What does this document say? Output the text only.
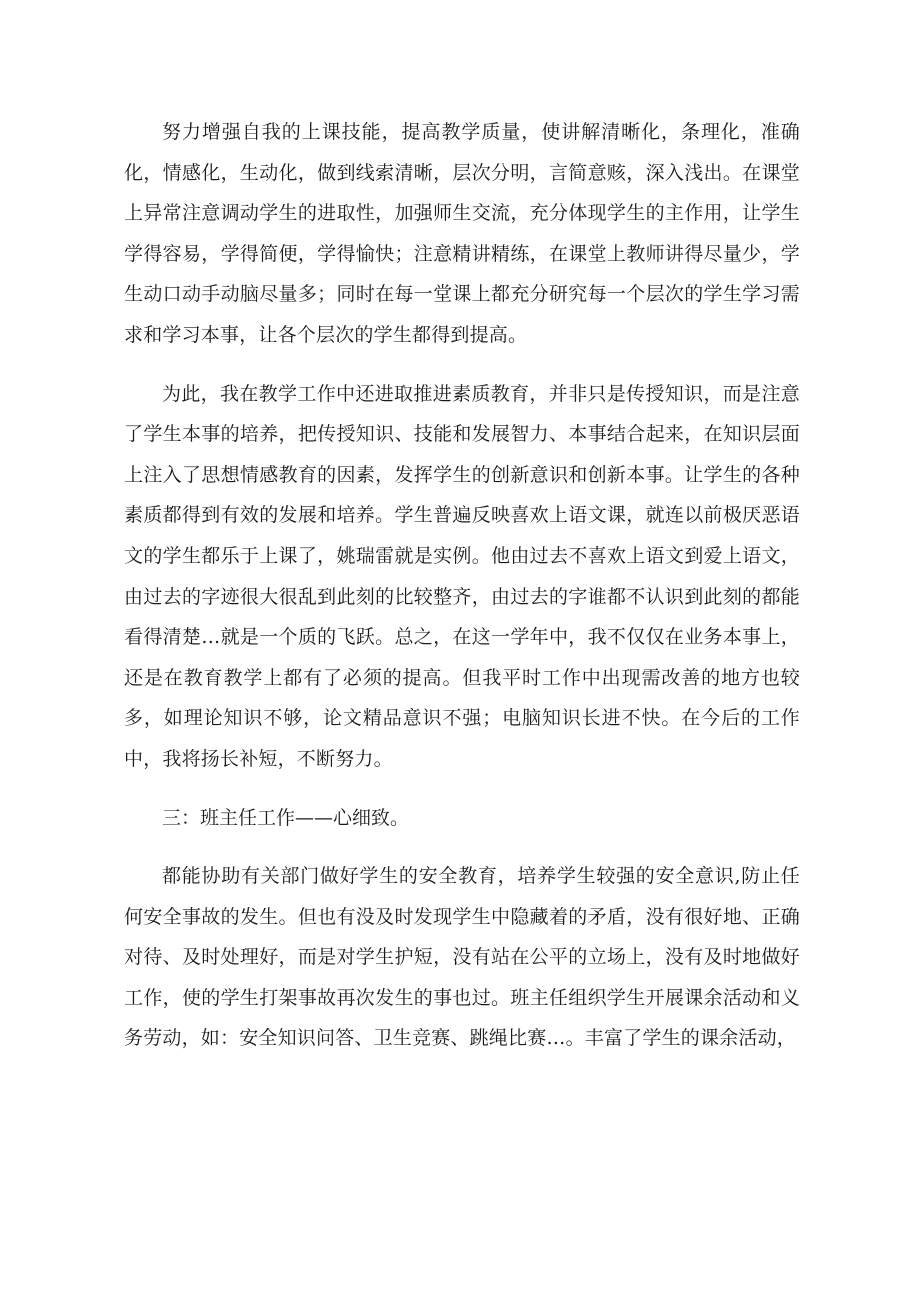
努力增强自我的上课技能，提高教学质量，使讲解清晰化，条理化，准确化，情感化，生动化，做到线索清晰，层次分明，言简意赅，深入浅出。在课堂上异常注意调动学生的进取性，加强师生交流，充分体现学生的主作用，让学生学得容易，学得简便，学得愉快；注意精讲精练，在课堂上教师讲得尽量少，学生动口动手动脑尽量多；同时在每一堂课上都充分研究每一个层次的学生学习需求和学习本事，让各个层次的学生都得到提高。

为此，我在教学工作中还进取推进素质教育，并非只是传授知识，而是注意了学生本事的培养，把传授知识、技能和发展智力、本事结合起来，在知识层面上注入了思想情感教育的因素，发挥学生的创新意识和创新本事。让学生的各种素质都得到有效的发展和培养。学生普遍反映喜欢上语文课，就连以前极厌恶语文的学生都乐于上课了，姚瑞雷就是实例。他由过去不喜欢上语文到爱上语文，由过去的字迹很大很乱到此刻的比较整齐，由过去的字谁都不认识到此刻的都能看得清楚…就是一个质的飞跃。总之，在这一学年中，我不仅仅在业务本事上，还是在教育教学上都有了必须的提高。但我平时工作中出现需改善的地方也较多，如理论知识不够，论文精品意识不强；电脑知识长进不快。在今后的工作中，我将扬长补短，不断努力。

三：班主任工作——心细致。

都能协助有关部门做好学生的安全教育，培养学生较强的安全意识,防止任何安全事故的发生。但也有没及时发现学生中隐藏着的矛盾，没有很好地、正确对待、及时处理好，而是对学生护短，没有站在公平的立场上，没有及时地做好工作，使的学生打架事故再次发生的事也过。班主任组织学生开展课余活动和义务劳动，如：安全知识问答、卫生竞赛、跳绳比赛…。丰富了学生的课余活动，
